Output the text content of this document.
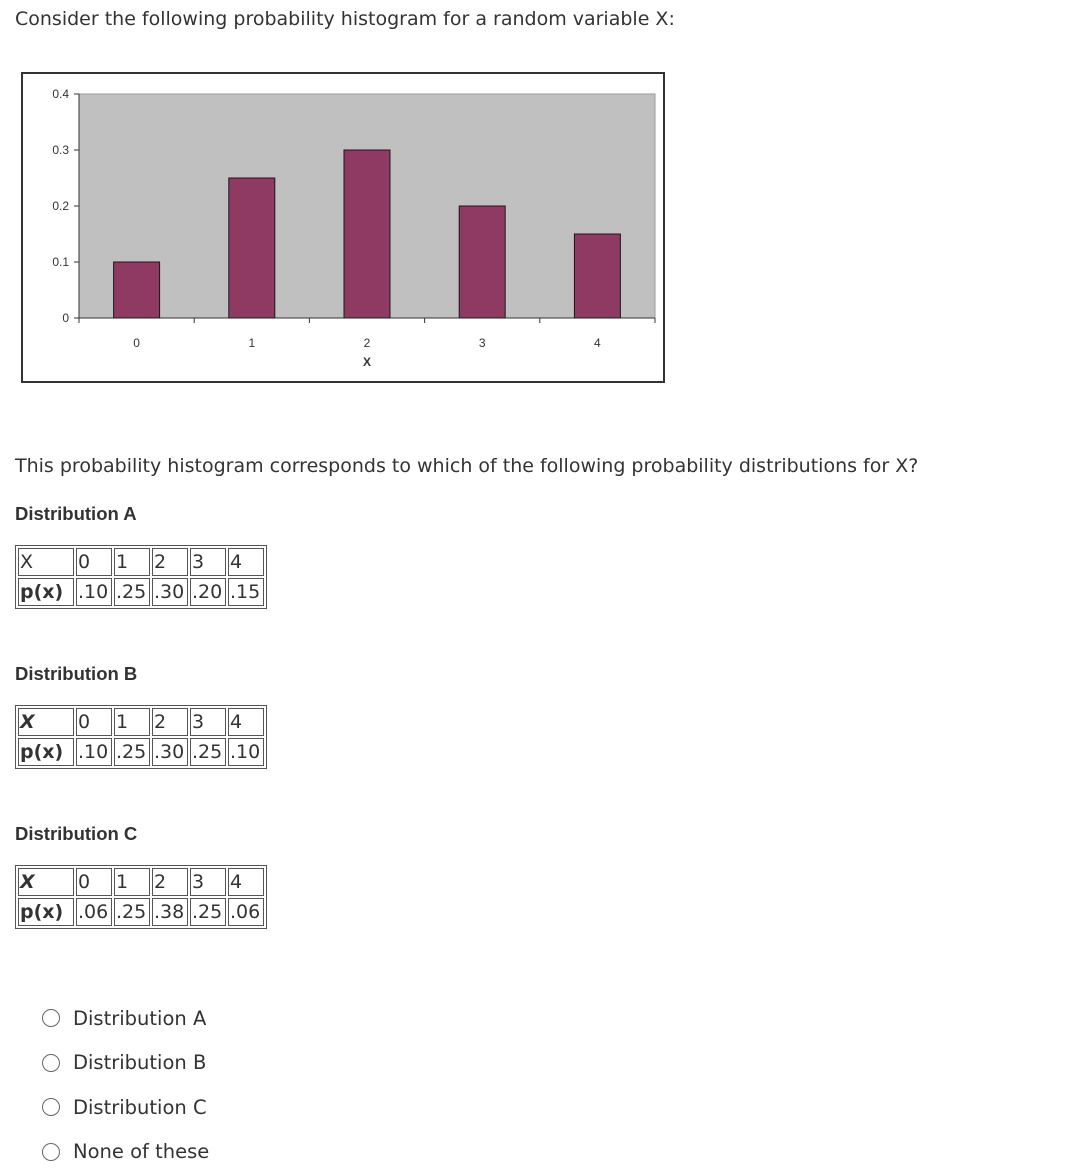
Consider the following probability histogram for a random variable X:
0
0.1
0.2
0.3
0.4
0	1	2	3	4
X
This probability histogram corresponds to which of the following probability distributions for X?
Distribution A
X	0	1	2	3	4
p(x)	.10	.25	.30	.20	.15
Distribution B
X	0	1	2	3	4
p(x)	.10	.25	.30	.25	.10
Distribution C
X	0	1	2	3	4
p(x)	.06	.25	.38	.25	.06
Distribution A
Distribution B
Distribution C
None of these
